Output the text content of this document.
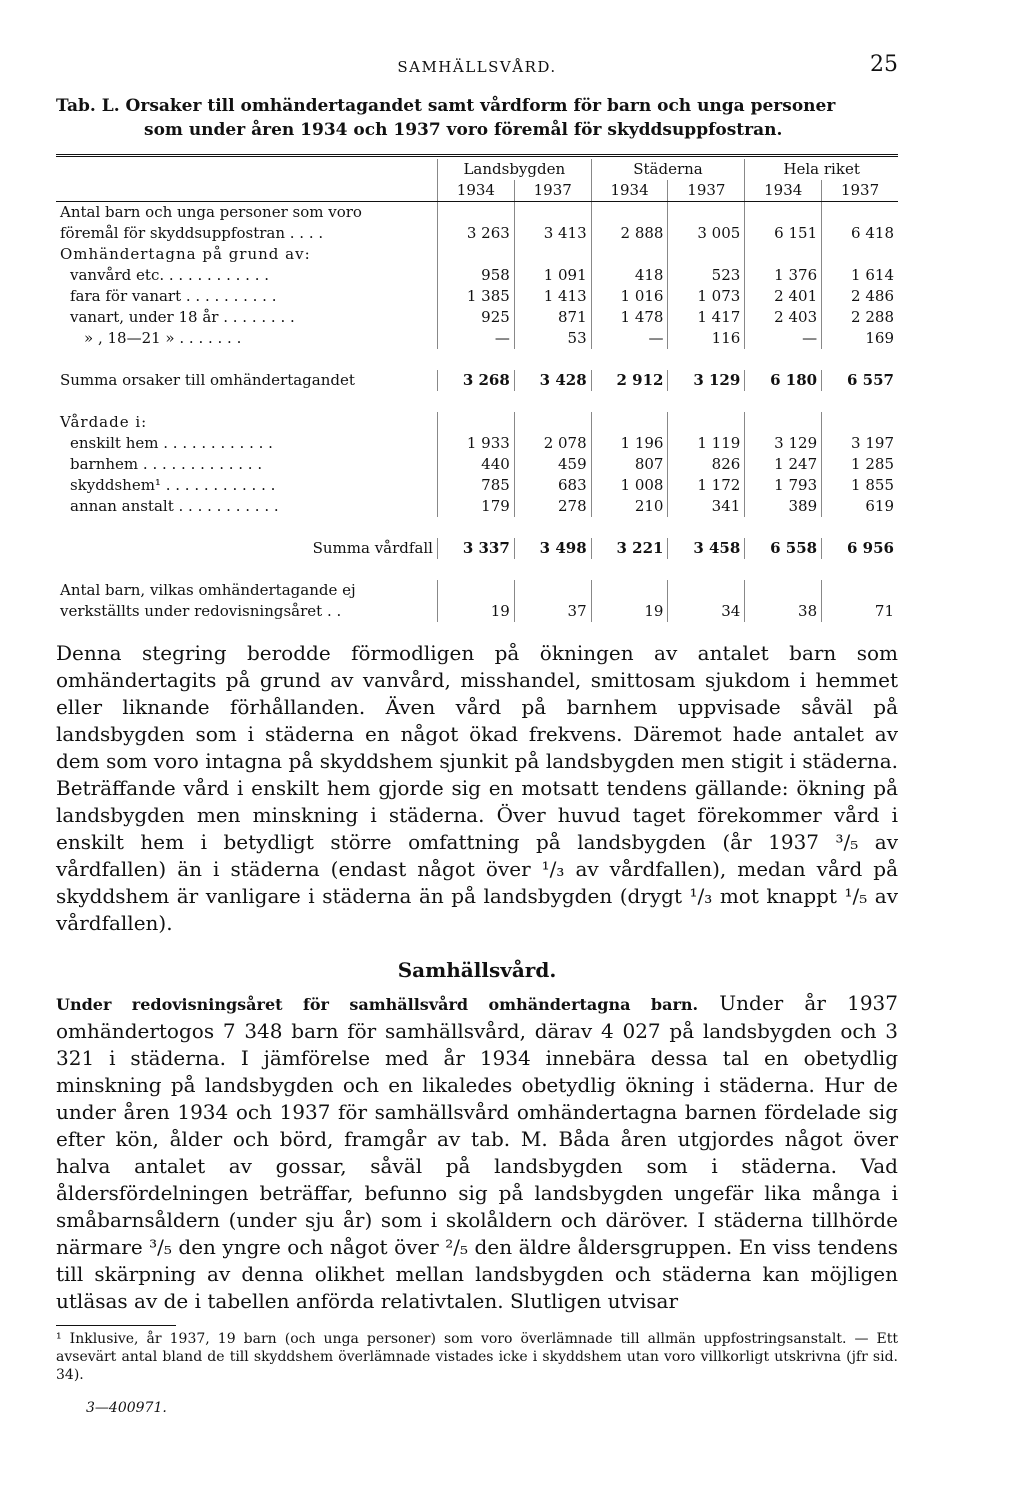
SAMHÄLLSVÅRD.	25
Tab. L. Orsaker till omhändertagandet samt vårdform för barn och unga personer
som under åren 1934 och 1937 voro föremål för skyddsuppfostran.
	Landsbygden		Städerna		Hela riket	
	1934	1937	1934	1937	1934	1937
Antal barn och unga personer som voro						
föremål för skyddsuppfostran . . . .	3 263	3 413	2 888	3 005	6 151	6 418
Omhändertagna på grund av:						
vanvård etc. . . . . . . . . . . .	958	1 091	418	523	1 376	1 614
fara för vanart . . . . . . . . . .	1 385	1 413	1 016	1 073	2 401	2 486
vanart, under 18 år . . . . . . . .	925	871	1 478	1 417	2 403	2 288
» , 18—21 » . . . . . . .	—	53	—	116	—	169

Summa orsaker till omhändertagandet	3 268	3 428	2 912	3 129	6 180	6 557

Vårdade i:						
enskilt hem . . . . . . . . . . . .	1 933	2 078	1 196	1 119	3 129	3 197
barnhem . . . . . . . . . . . . .	440	459	807	826	1 247	1 285
skyddshem¹ . . . . . . . . . . . .	785	683	1 008	1 172	1 793	1 855
annan anstalt . . . . . . . . . . .	179	278	210	341	389	619

Summa vårdfall	3 337	3 498	3 221	3 458	6 558	6 956

Antal barn, vilkas omhändertagande ej						
verkställts under redovisningsåret . .	19	37	19	34	38	71

Denna stegring berodde förmodligen på ökningen av antalet barn som omhändertagits på grund av vanvård, misshandel, smittosam sjukdom i hemmet eller liknande förhållanden. Även vård på barnhem uppvisade såväl på landsbygden som i städerna en något ökad frekvens. Däremot hade antalet av dem som voro intagna på skyddshem sjunkit på landsbygden men stigit i städerna. Beträffande vård i enskilt hem gjorde sig en motsatt tendens gällande: ökning på landsbygden men minskning i städerna. Över huvud taget förekommer vård i enskilt hem i betydligt större omfattning på landsbygden (år 1937 ³/₅ av vårdfallen) än i städerna (endast något över ¹/₃ av vårdfallen), medan vård på skyddshem är vanligare i städerna än på landsbygden (drygt ¹/₃ mot knappt ¹/₅ av vårdfallen).

Samhällsvård.

Under redovisningsåret för samhällsvård omhändertagna barn. Under år 1937 omhändertogos 7 348 barn för samhällsvård, därav 4 027 på landsbygden och 3 321 i städerna. I jämförelse med år 1934 innebära dessa tal en obetydlig minskning på landsbygden och en likaledes obetydlig ökning i städerna. Hur de under åren 1934 och 1937 för samhällsvård omhändertagna barnen fördelade sig efter kön, ålder och börd, framgår av tab. M. Båda åren utgjordes något över halva antalet av gossar, såväl på landsbygden som i städerna. Vad åldersfördelningen beträffar, befunno sig på landsbygden ungefär lika många i småbarnsåldern (under sju år) som i skolåldern och däröver. I städerna tillhörde närmare ³/₅ den yngre och något över ²/₅ den äldre åldersgruppen. En viss tendens till skärpning av denna olikhet mellan landsbygden och städerna kan möjligen utläsas av de i tabellen anförda relativtalen. Slutligen utvisar

¹ Inklusive, år 1937, 19 barn (och unga personer) som voro överlämnade till allmän uppfostringsanstalt. — Ett avsevärt antal bland de till skyddshem överlämnade vistades icke i skyddshem utan voro villkorligt utskrivna (jfr sid. 34).
3—400971.
